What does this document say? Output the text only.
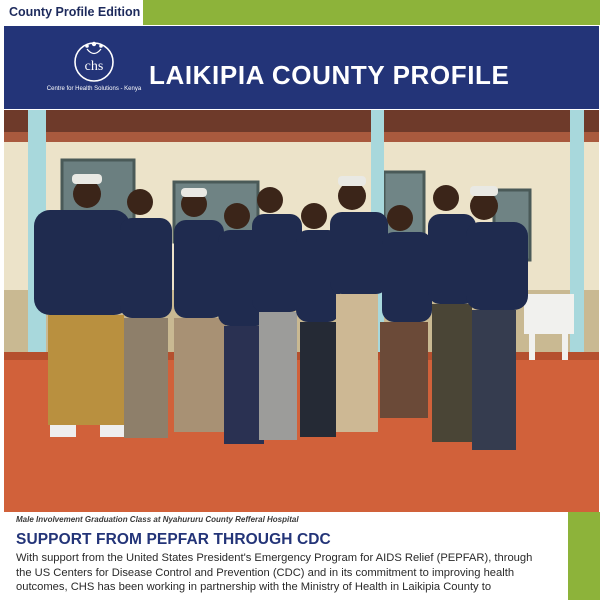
County Profile Edition
chs
Centre for Health Solutions - Kenya LAIKIPIA COUNTY PROFILE
Male Involvement Graduation Class at Nyahururu County Refferal Hospital
SUPPORT FROM PEPFAR THROUGH CDC
With support from the United States President's Emergency Program for AIDS Relief (PEPFAR), through
the US Centers for Disease Control and Prevention (CDC) and in its commitment to improving health
outcomes, CHS has been working in partnership with the Ministry of Health in Laikipia County to
